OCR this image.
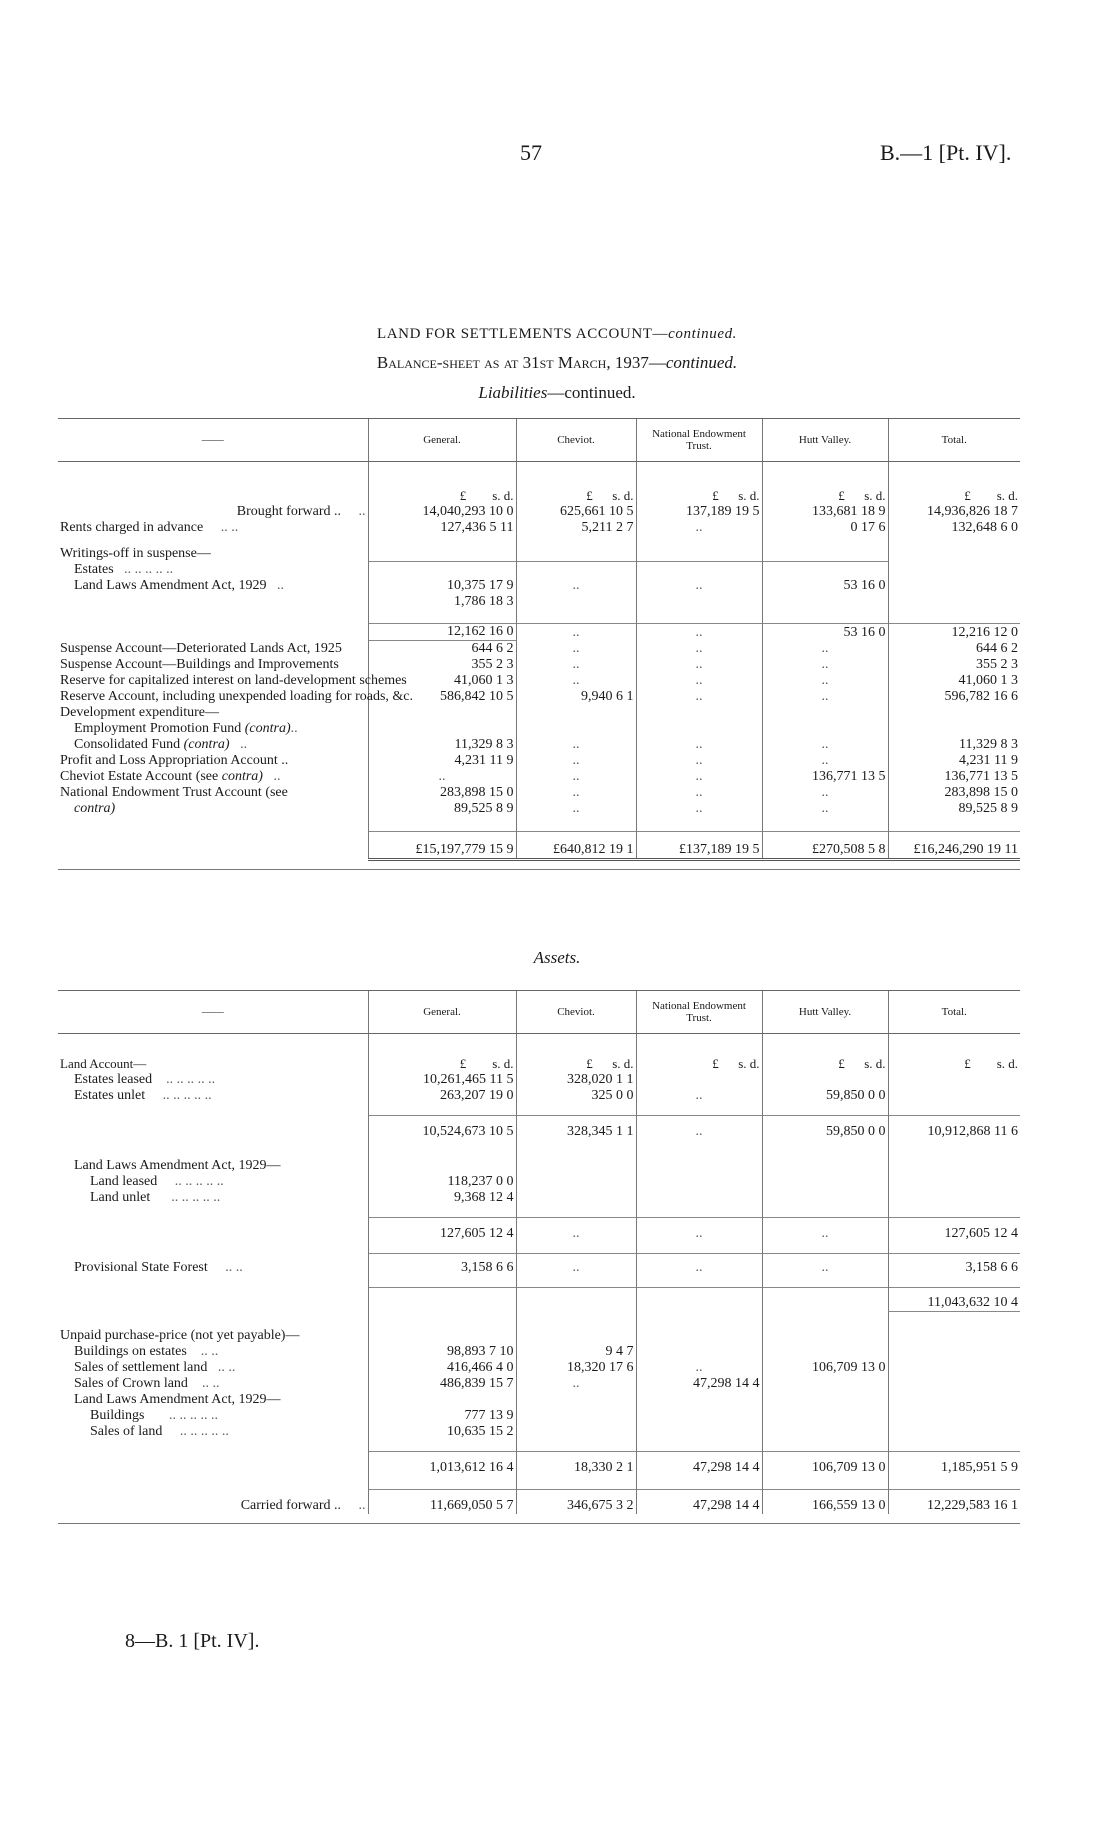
57	B.—1 [Pt. IV].
LAND FOR SETTLEMENTS ACCOUNT—continued.
Balance-sheet as at 31st March, 1937—continued.
Liabilities—continued.
——	General.	Cheviot.	National Endowment Trust.	Hutt Valley.	Total.

	£ s. d.	£ s. d.	£ s. d.	£ s. d.	£ s. d.
Brought forward .. ..	14,040,293 10 0	625,661 10 5	137,189 19 5	133,681 18 9	14,936,826 18 7
Rents charged in advance .. ..	127,436 5 11	5,211 2 7	..	0 17 6	132,648 6 0

Writings-off in suspense—					
Estates .. .. .. .. ..					
Land Laws Amendment Act, 1929 ..	10,375 17 9	..	..	53 16 0	
	1,786 18 3				

	12,162 16 0	..	..	53 16 0	12,216 12 0
Suspense Account—Deteriorated Lands Act, 1925	644 6 2	..	..	..	644 6 2
Suspense Account—Buildings and Improvements	355 2 3	..	..	..	355 2 3
Reserve for capitalized interest on land-development schemes	41,060 1 3	..	..	..	41,060 1 3
Reserve Account, including unexpended loading for roads, &c.	586,842 10 5	9,940 6 1	..	..	596,782 16 6
Development expenditure—					
Employment Promotion Fund (contra)..					
Consolidated Fund (contra) ..	11,329 8 3	..	..	..	11,329 8 3
Profit and Loss Appropriation Account ..	4,231 11 9	..	..	..	4,231 11 9
Cheviot Estate Account (see contra) ..	..	..	..	136,771 13 5	136,771 13 5
National Endowment Trust Account (see	283,898 15 0	..	..	..	283,898 15 0
contra)	89,525 8 9	..	..	..	89,525 8 9

	£15,197,779 15 9	£640,812 19 1	£137,189 19 5	£270,508 5 8	£16,246,290 19 11

Assets.
——	General.	Cheviot.	National Endowment Trust.	Hutt Valley.	Total.

Land Account—	£ s. d.	£ s. d.	£ s. d.	£ s. d.	£ s. d.
Estates leased .. .. .. .. ..	10,261,465 11 5	328,020 1 1			
Estates unlet .. .. .. .. ..	263,207 19 0	325 0 0	..	59,850 0 0	

	10,524,673 10 5	328,345 1 1	..	59,850 0 0	10,912,868 11 6

Land Laws Amendment Act, 1929—					
Land leased .. .. .. .. ..	118,237 0 0				
Land unlet .. .. .. .. ..	9,368 12 4				

	127,605 12 4	..	..	..	127,605 12 4

Provisional State Forest .. ..	3,158 6 6	..	..	..	3,158 6 6

					11,043,632 10 4

Unpaid purchase-price (not yet payable)—					
Buildings on estates .. ..	98,893 7 10	9 4 7			
Sales of settlement land .. ..	416,466 4 0	18,320 17 6	..	106,709 13 0	
Sales of Crown land .. ..	486,839 15 7	..	47,298 14 4		
Land Laws Amendment Act, 1929—					
Buildings .. .. .. .. ..	777 13 9				
Sales of land .. .. .. .. ..	10,635 15 2				

	1,013,612 16 4	18,330 2 1	47,298 14 4	106,709 13 0	1,185,951 5 9

Carried forward .. ..	11,669,050 5 7	346,675 3 2	47,298 14 4	166,559 13 0	12,229,583 16 1

8—B. 1 [Pt. IV].
